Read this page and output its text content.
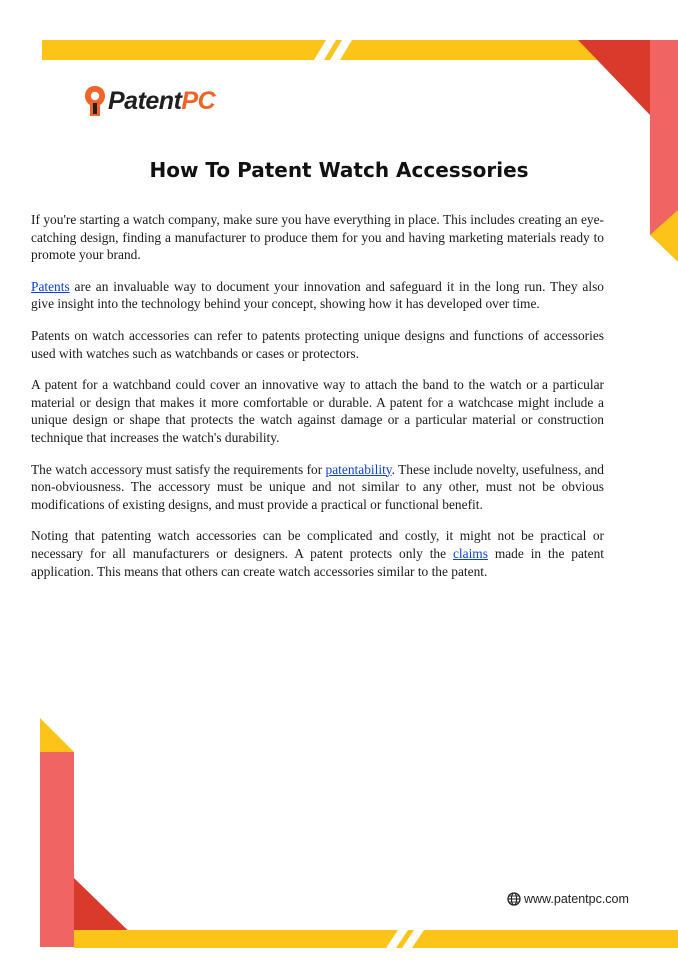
PatentPC
How To Patent Watch Accessories

If you're starting a watch company, make sure you have everything in place. This includes creating an eye-catching design, finding a manufacturer to produce them for you and having marketing materials ready to promote your brand.

Patents are an invaluable way to document your innovation and safeguard it in the long run. They also give insight into the technology behind your concept, showing how it has developed over time.

Patents on watch accessories can refer to patents protecting unique designs and functions of accessories used with watches such as watchbands or cases or protectors.

A patent for a watchband could cover an innovative way to attach the band to the watch or a particular material or design that makes it more comfortable or durable. A patent for a watchcase might include a unique design or shape that protects the watch against damage or a particular material or construction technique that increases the watch's durability.

The watch accessory must satisfy the requirements for patentability. These include novelty, usefulness, and non-obviousness. The accessory must be unique and not similar to any other, must not be obvious modifications of existing designs, and must provide a practical or functional benefit.

Noting that patenting watch accessories can be complicated and costly, it might not be practical or necessary for all manufacturers or designers. A patent protects only the claims made in the patent application. This means that others can create watch accessories similar to the patent.

www.patentpc.com
